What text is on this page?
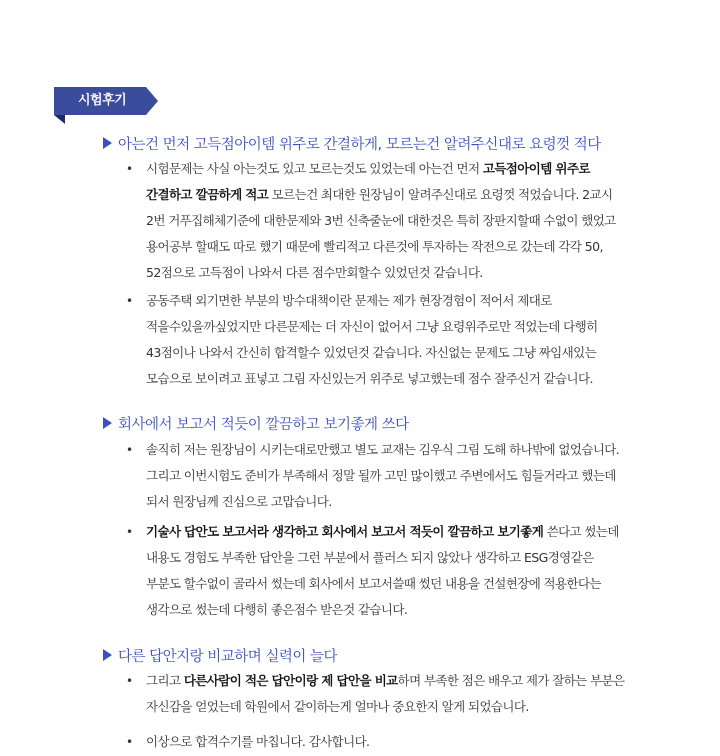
시험후기
아는건 먼저 고득점아이템 위주로 간결하게, 모르는건 알려주신대로 요령껏 적다
• 시험문제는 사실 아는것도 있고 모르는것도 있었는데 아는건 먼저 고득점아이템 위주로
간결하고 깔끔하게 적고 모르는건 최대한 원장님이 알려주신대로 요령껏 적었습니다. 2교시
2번 거푸집해체기준에 대한문제와 3번 신축줄눈에 대한것은 특히 장판지할때 수없이 했었고
용어공부 할때도 따로 했기 때문에 빨리적고 다른것에 투자하는 작전으로 갔는데 각각 50,
52점으로 고득점이 나와서 다른 점수만회할수 있었던것 같습니다.
• 공동주택 외기면한 부분의 방수대책이란 문제는 제가 현장경험이 적어서 제대로
적을수있을까싶었지만 다른문제는 더 자신이 없어서 그냥 요령위주로만 적었는데 다행히
43점이나 나와서 간신히 합격할수 있었던것 같습니다. 자신없는 문제도 그냥 짜임새있는
모습으로 보이려고 표넣고 그림 자신있는거 위주로 넣고했는데 점수 잘주신거 같습니다.
회사에서 보고서 적듯이 깔끔하고 보기좋게 쓰다
• 솔직히 저는 원장님이 시키는대로만했고 별도 교재는 김우식 그림 도해 하나밖에 없었습니다.
그리고 이번시험도 준비가 부족해서 정말 될까 고민 많이했고 주변에서도 힘들거라고 했는데
되서 원장님께 진심으로 고맙습니다.
• 기술사 답안도 보고서라 생각하고 회사에서 보고서 적듯이 깔끔하고 보기좋게 쓴다고 썼는데
내용도 경험도 부족한 답안을 그런 부분에서 플러스 되지 않았나 생각하고 ESG경영같은
부분도 할수없이 골라서 썼는데 회사에서 보고서쓸때 썼던 내용을 건설현장에 적용한다는
생각으로 썼는데 다행히 좋은점수 받은것 같습니다.
다른 답안지랑 비교하며 실력이 늘다
• 그리고 다른사람이 적은 답안이랑 제 답안을 비교하며 부족한 점은 배우고 제가 잘하는 부분은
자신감을 얻었는데 학원에서 같이하는게 얼마나 중요한지 알게 되었습니다.
• 이상으로 합격수기를 마칩니다. 감사합니다.
